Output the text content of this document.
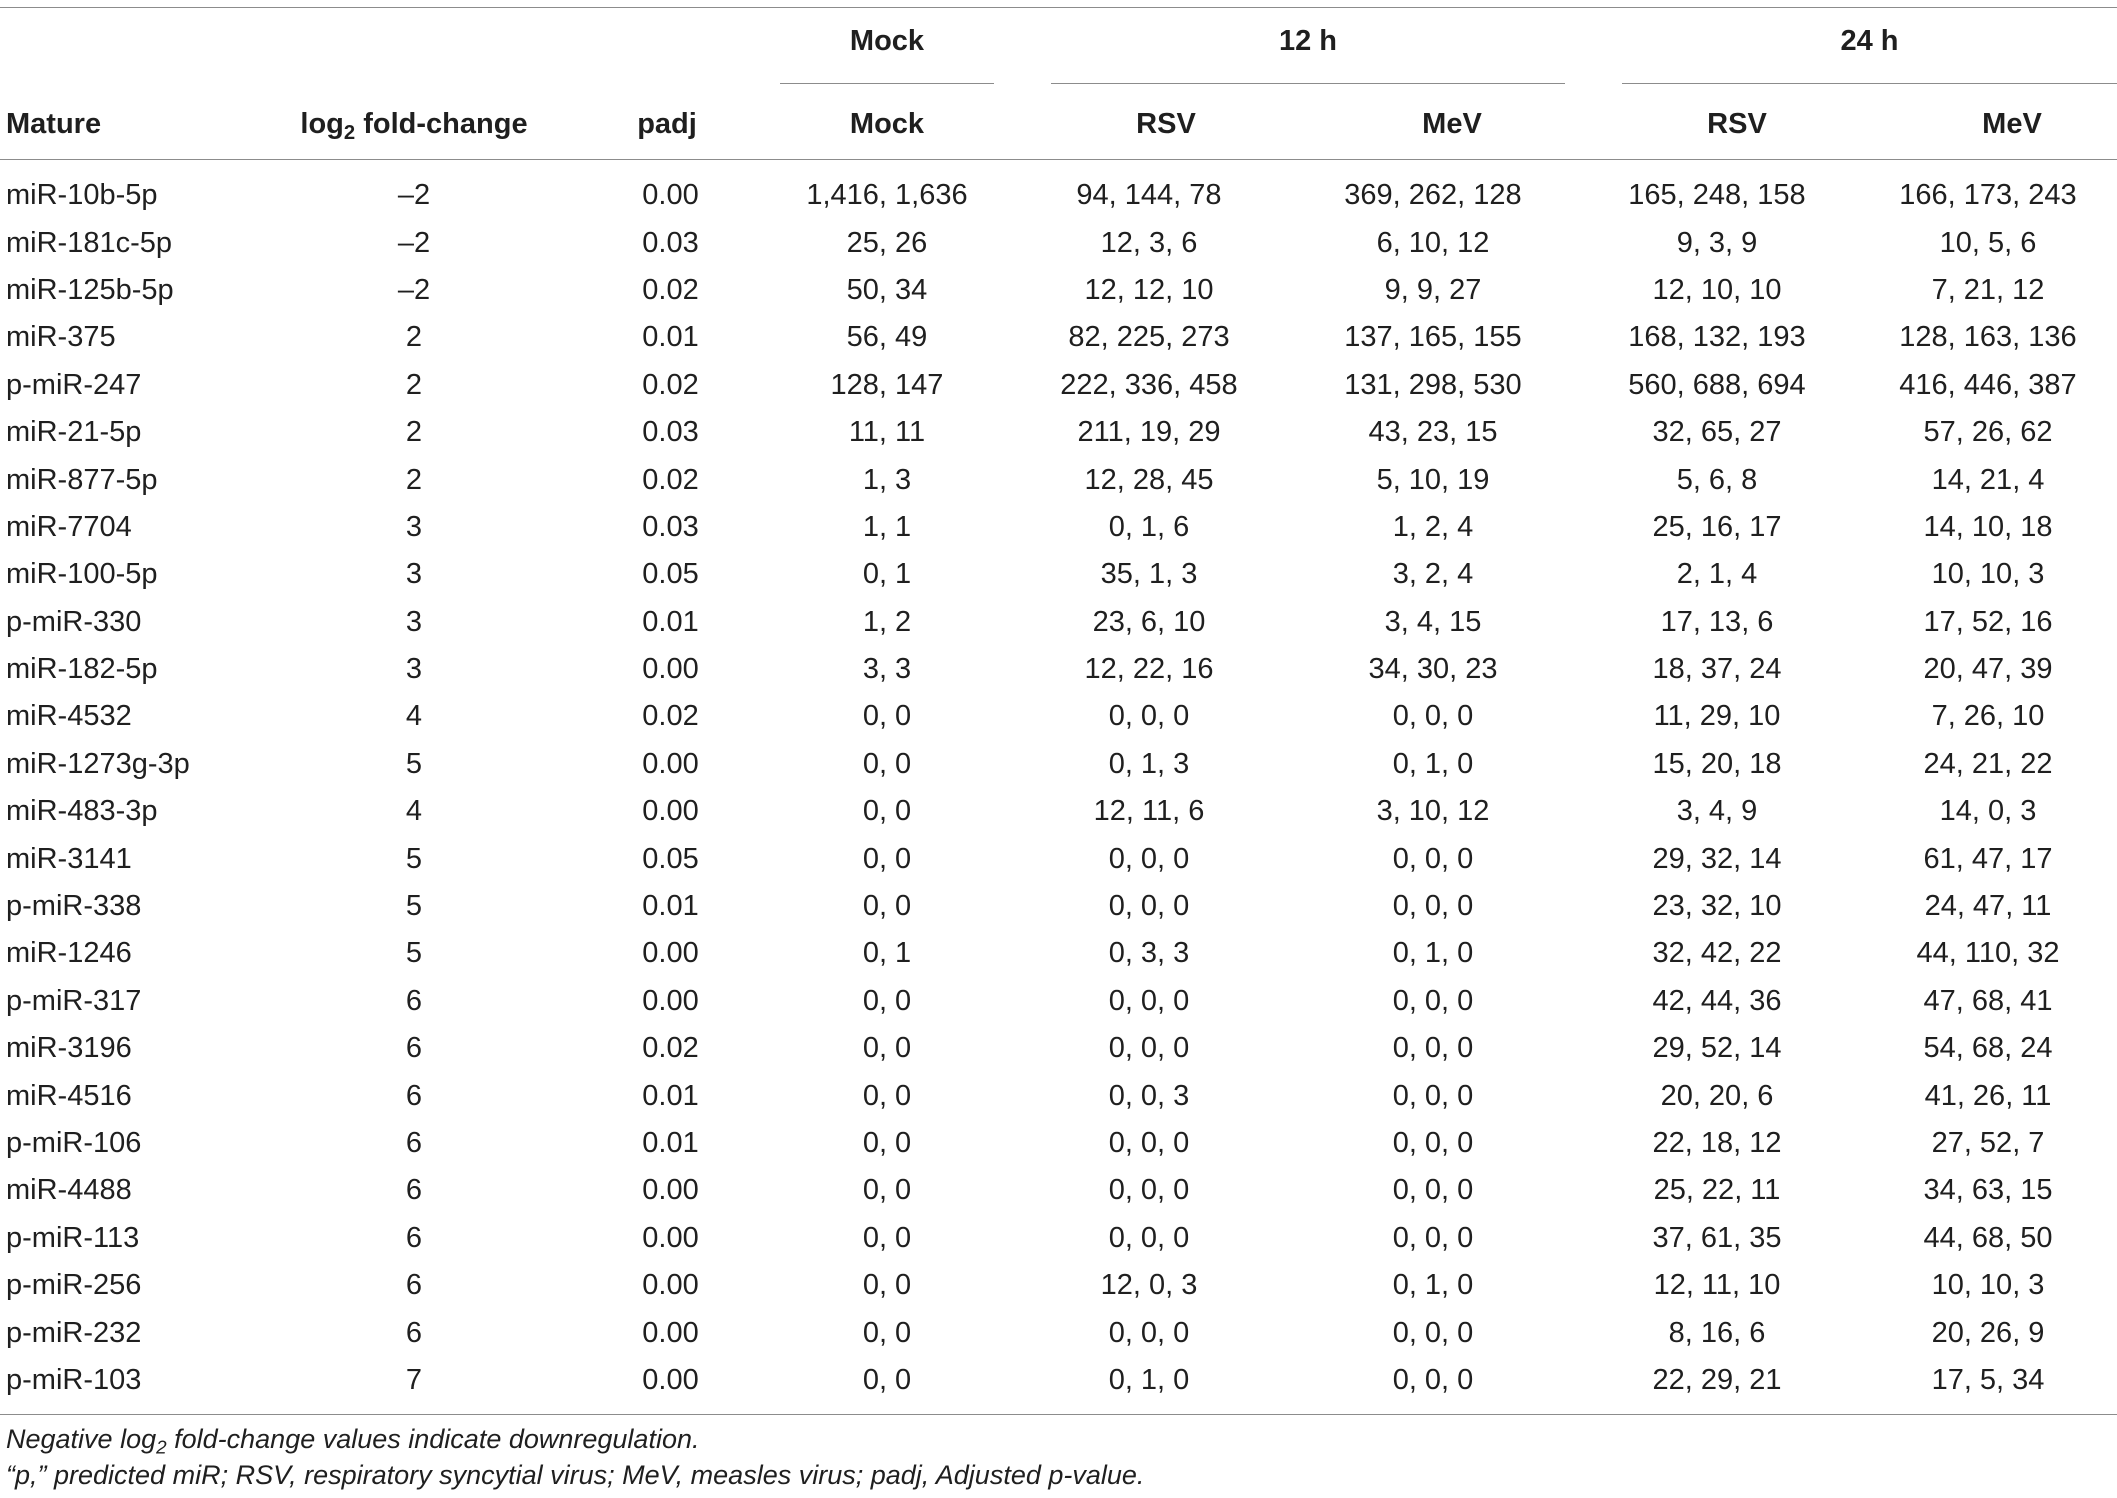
Mock	12 h	24 h
Mature	$\log_2$ fold-change	padj	Mock	RSV	MeV	RSV	MeV
miR-10b-5p	–2	0.00	1,416, 1,636	94, 144, 78	369, 262, 128	165, 248, 158	166, 173, 243
miR-181c-5p	–2	0.03	25, 26	12, 3, 6	6, 10, 12	9, 3, 9	10, 5, 6
miR-125b-5p	–2	0.02	50, 34	12, 12, 10	9, 9, 27	12, 10, 10	7, 21, 12
miR-375	2	0.01	56, 49	82, 225, 273	137, 165, 155	168, 132, 193	128, 163, 136
p-miR-247	2	0.02	128, 147	222, 336, 458	131, 298, 530	560, 688, 694	416, 446, 387
miR-21-5p	2	0.03	11, 11	211, 19, 29	43, 23, 15	32, 65, 27	57, 26, 62
miR-877-5p	2	0.02	1, 3	12, 28, 45	5, 10, 19	5, 6, 8	14, 21, 4
miR-7704	3	0.03	1, 1	0, 1, 6	1, 2, 4	25, 16, 17	14, 10, 18
miR-100-5p	3	0.05	0, 1	35, 1, 3	3, 2, 4	2, 1, 4	10, 10, 3
p-miR-330	3	0.01	1, 2	23, 6, 10	3, 4, 15	17, 13, 6	17, 52, 16
miR-182-5p	3	0.00	3, 3	12, 22, 16	34, 30, 23	18, 37, 24	20, 47, 39
miR-4532	4	0.02	0, 0	0, 0, 0	0, 0, 0	11, 29, 10	7, 26, 10
miR-1273g-3p	5	0.00	0, 0	0, 1, 3	0, 1, 0	15, 20, 18	24, 21, 22
miR-483-3p	4	0.00	0, 0	12, 11, 6	3, 10, 12	3, 4, 9	14, 0, 3
miR-3141	5	0.05	0, 0	0, 0, 0	0, 0, 0	29, 32, 14	61, 47, 17
p-miR-338	5	0.01	0, 0	0, 0, 0	0, 0, 0	23, 32, 10	24, 47, 11
miR-1246	5	0.00	0, 1	0, 3, 3	0, 1, 0	32, 42, 22	44, 110, 32
p-miR-317	6	0.00	0, 0	0, 0, 0	0, 0, 0	42, 44, 36	47, 68, 41
miR-3196	6	0.02	0, 0	0, 0, 0	0, 0, 0	29, 52, 14	54, 68, 24
miR-4516	6	0.01	0, 0	0, 0, 3	0, 0, 0	20, 20, 6	41, 26, 11
p-miR-106	6	0.01	0, 0	0, 0, 0	0, 0, 0	22, 18, 12	27, 52, 7
miR-4488	6	0.00	0, 0	0, 0, 0	0, 0, 0	25, 22, 11	34, 63, 15
p-miR-113	6	0.00	0, 0	0, 0, 0	0, 0, 0	37, 61, 35	44, 68, 50
p-miR-256	6	0.00	0, 0	12, 0, 3	0, 1, 0	12, 11, 10	10, 10, 3
p-miR-232	6	0.00	0, 0	0, 0, 0	0, 0, 0	8, 16, 6	20, 26, 9
p-miR-103	7	0.00	0, 0	0, 1, 0	0, 0, 0	22, 29, 21	17, 5, 34
Negative $\log_2$ fold-change values indicate downregulation.
“p,” predicted miR; RSV, respiratory syncytial virus; MeV, measles virus; padj, Adjusted p-value.
